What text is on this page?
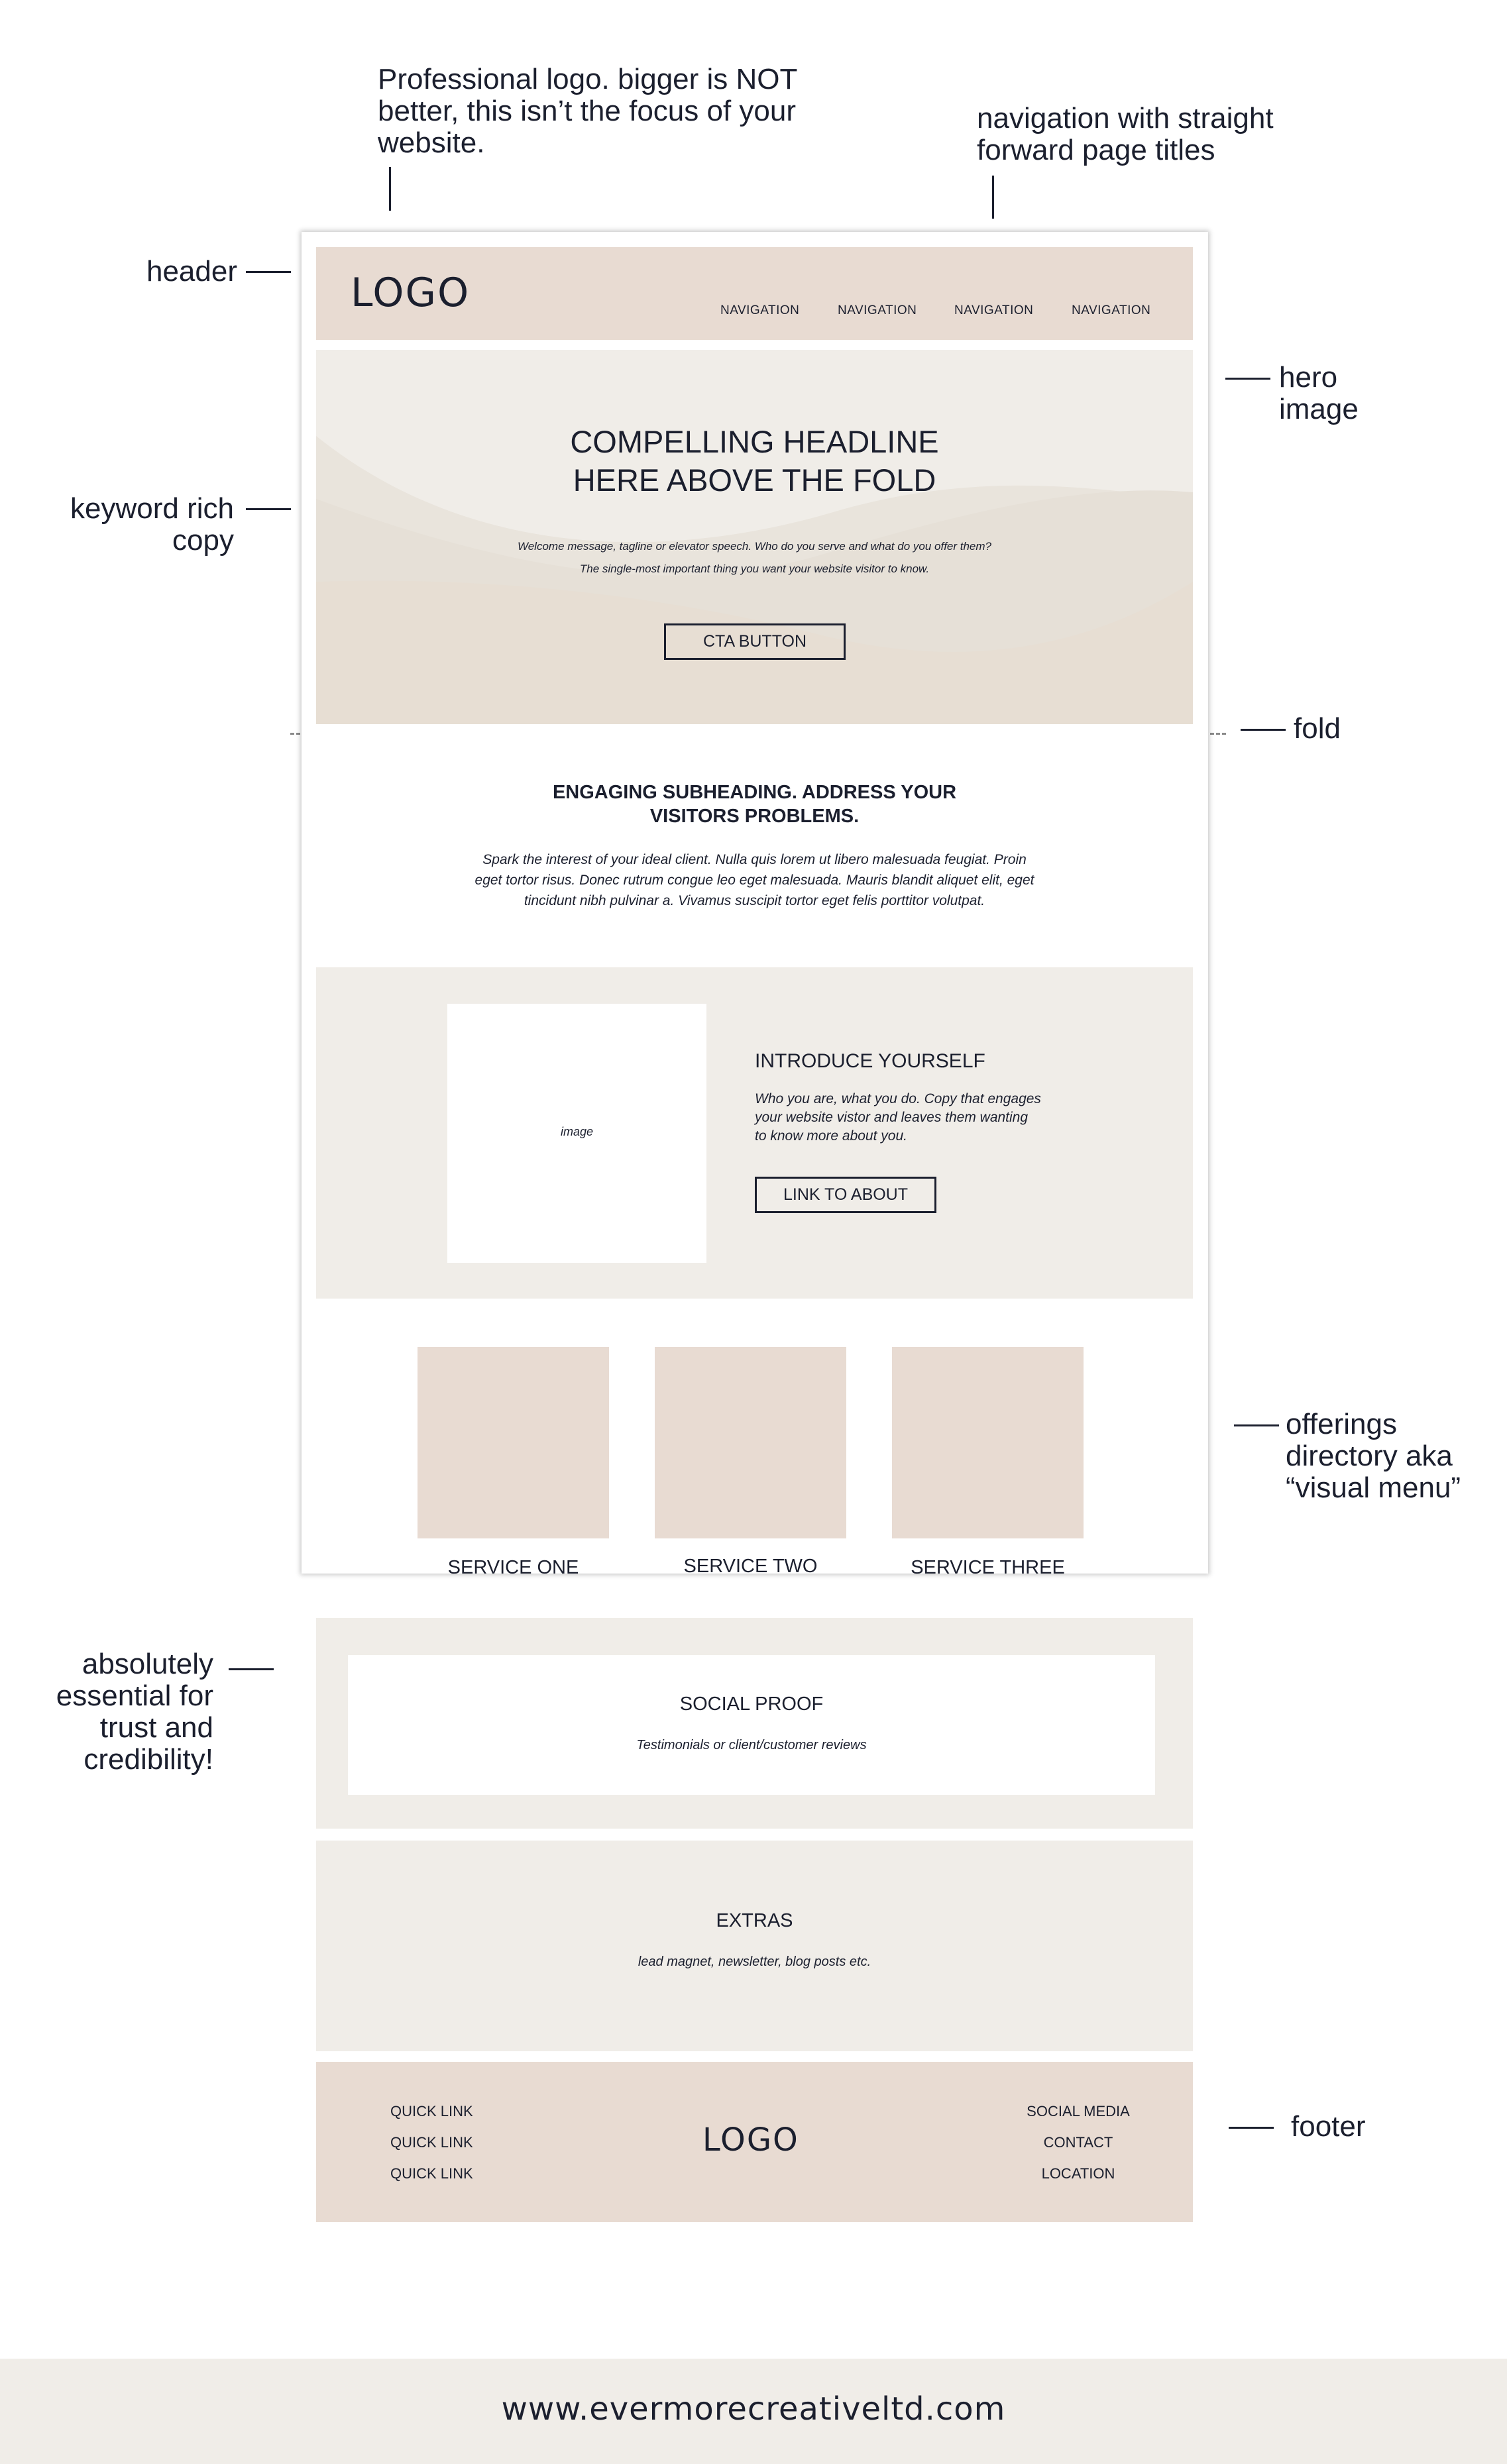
Professional logo. bigger is NOT better, this isn’t the focus of your website.

navigation with straight forward page titles

header

hero image

keyword rich copy

fold

offerings directory aka “visual menu”

absolutely essential for trust and credibility!

footer

LOGO	NAVIGATION	NAVIGATION	NAVIGATION	NAVIGATION

COMPELLING HEADLINE
HERE ABOVE THE FOLD

Welcome message, tagline or elevator speech. Who do you serve and what do you offer them?
The single-most important thing you want your website visitor to know.

CTA BUTTON

ENGAGING SUBHEADING. ADDRESS YOUR
VISITORS PROBLEMS.

Spark the interest of your ideal client. Nulla quis lorem ut libero malesuada feugiat. Proin
eget tortor risus. Donec rutrum congue leo eget malesuada. Mauris blandit aliquet elit, eget
tincidunt nibh pulvinar a. Vivamus suscipit tortor eget felis porttitor volutpat.

image
INTRODUCE YOURSELF

Who you are, what you do. Copy that engages
your website vistor and leaves them wanting
to know more about you.

LINK TO ABOUT
SERVICE ONE	SERVICE TWO	SERVICE THREE
SOCIAL PROOF
Testimonials or client/customer reviews
EXTRAS
lead magnet, newsletter, blog posts etc.
QUICK LINK
QUICK LINK
QUICK LINK
LOGO
SOCIAL MEDIA
CONTACT
LOCATION
www.evermorecreativeltd.com
